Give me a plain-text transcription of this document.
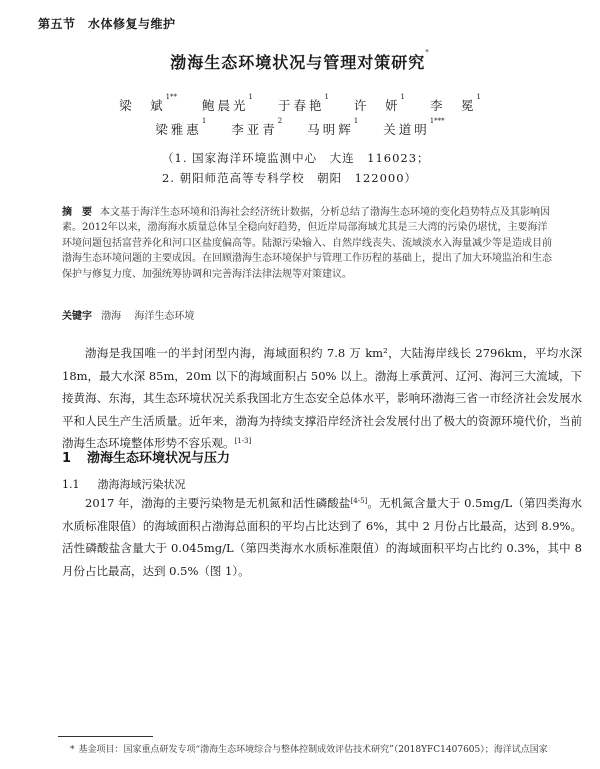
第五节　水体修复与维护
渤海生态环境状况与管理对策研究*
梁　斌$^{1**}$ 鲍晨光$^1$ 于春艳$^1$ 许　妍$^1$ 李　冕$^1$
梁雅惠$^1$ 李亚青$^2$ 马明辉$^1$ 关道明$^{1***}$
（1. 国家海洋环境监测中心　大连　116023；
2. 朝阳师范高等专科学校　朝阳　122000）
摘　要 本文基于海洋生态环境和沿海社会经济统计数据，分析总结了渤海生态环境的变化趋势特点及其影响因素。2012年以来，渤海海水质量总体呈全稳向好趋势，但近岸局部海域尤其是三大湾的污染仍堪忧，主要海洋环境问题包括富营养化和河口区盐度偏高等。陆源污染输入、自然岸线丧失、流域淡水入海量减少等是造成目前渤海生态环境问题的主要成因。在回顾渤海生态环境保护与管理工作历程的基础上，提出了加大环境监治和生态保护与修复力度、加强统筹协调和完善海洋法律法规等对策建议。
关键字 渤海 海洋生态环境
渤海是我国唯一的半封闭型内海，海域面积约 7.8 万 km²，大陆海岸线长 2796km，平均水深 18m，最大水深 85m，20m 以下的海域面积占 50% 以上。渤海上承黄河、辽河、海河三大流域，下接黄海、东海，其生态环境状况关系我国北方生态安全总体水平，影响环渤海三省一市经济社会发展水平和人民生产生活质量。近年来，渤海为持续支撑沿岸经济社会发展付出了极大的资源环境代价，当前渤海生态环境整体形势不容乐观。[1-3]
1 渤海生态环境状况与压力
1.1 渤海海域污染状况
2017 年，渤海的主要污染物是无机氮和活性磷酸盐[4-5]。无机氮含量大于 0.5mg/L（第四类海水水质标准限值）的海域面积占渤海总面积的平均占比达到了 6%，其中 2 月份占比最高，达到 8.9%。活性磷酸盐含量大于 0.045mg/L（第四类海水水质标准限值）的海域面积平均占比约 0.3%，其中 8 月份占比最高，达到 0.5%（图 1）。
* 基金项目：国家重点研发专项“渤海生态环境综合与整体控制成效评估技术研究”（2018YFC1407605）；海洋试点国家
